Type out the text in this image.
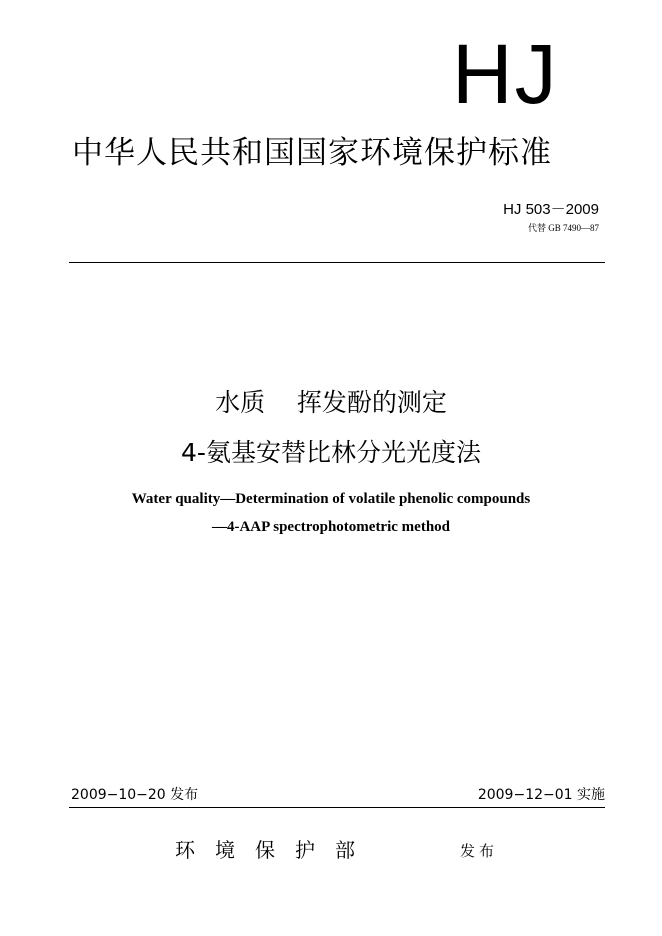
HJ
中华人民共和国国家环境保护标准
HJ 503－2009
代替 GB 7490—87
水质    挥发酚的测定
4-氨基安替比林分光光度法
Water quality—Determination of volatile phenolic compounds
—4-AAP spectrophotometric method
2009−10−20 发布	2009−12−01 实施
环境保护部	发布
